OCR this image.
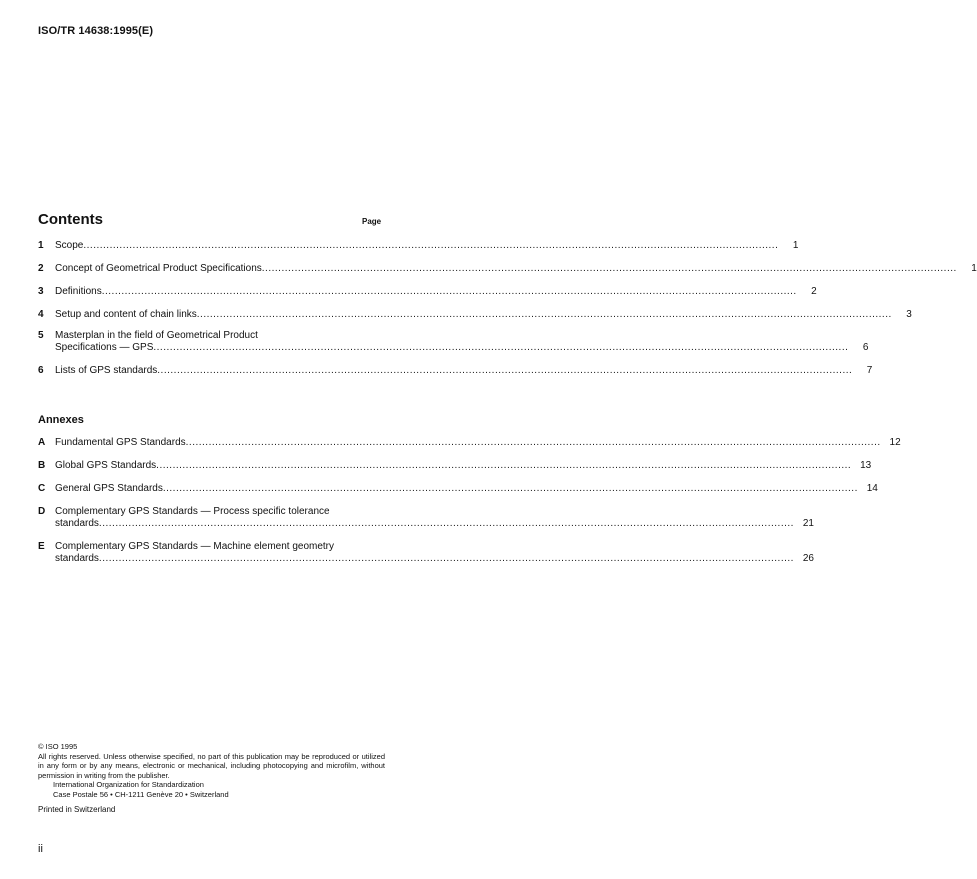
ISO/TR 14638:1995(E)
Contents	Page
1	Scope .....	1
2	Concept of Geometrical Product Specifications .....	1
3	Definitions .....	2
4	Setup and content of chain links .....	3
5	Masterplan in the field of Geometrical Product
Specifications — GPS .....	6
6	Lists of GPS standards .....	7
Annexes
A Fundamental GPS Standards .....	12
B Global GPS Standards .....	13
C General GPS Standards .....	14
D Complementary GPS Standards — Process specific tolerance
standards .....	21
E	Complementary GPS Standards — Machine element geometry
standards .....	26
© ISO 1995
All rights reserved. Unless otherwise specified, no part of this publication may be reproduced or utilized in any form or by any means, electronic or mechanical, including photocopying and microfilm, without permission in writing from the publisher.
International Organization for Standardization
Case Postale 56 • CH-1211 Genève 20 • Switzerland
Printed in Switzerland
ii
